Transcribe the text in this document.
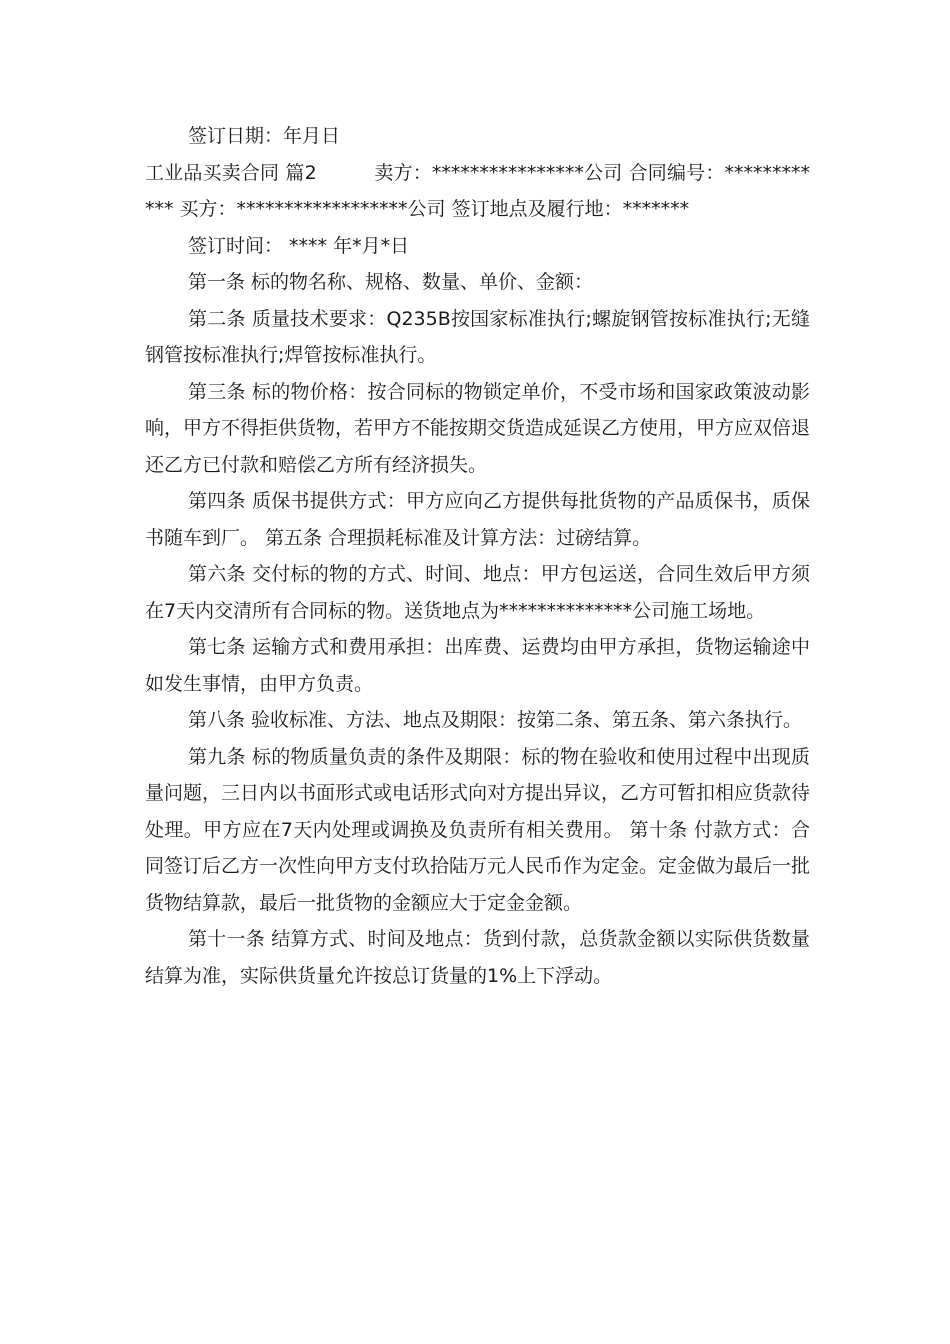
签订日期：年月日

工业品买卖合同 篇2　　　卖方：****************公司 合同编号：************ 买方：******************公司 签订地点及履行地：*******

签订时间： **** 年*月*日

第一条 标的物名称、规格、数量、单价、金额：

第二条 质量技术要求：Q235B按国家标准执行;螺旋钢管按标准执行;无缝钢管按标准执行;焊管按标准执行。

第三条 标的物价格：按合同标的物锁定单价，不受市场和国家政策波动影响，甲方不得拒供货物，若甲方不能按期交货造成延误乙方使用，甲方应双倍退还乙方已付款和赔偿乙方所有经济损失。

第四条 质保书提供方式：甲方应向乙方提供每批货物的产品质保书，质保书随车到厂。 第五条 合理损耗标准及计算方法：过磅结算。

第六条 交付标的物的方式、时间、地点：甲方包运送，合同生效后甲方须在7天内交清所有合同标的物。送货地点为**************公司施工场地。

第七条 运输方式和费用承担：出库费、运费均由甲方承担，货物运输途中如发生事情，由甲方负责。

第八条 验收标准、方法、地点及期限：按第二条、第五条、第六条执行。

第九条 标的物质量负责的条件及期限：标的物在验收和使用过程中出现质量问题，三日内以书面形式或电话形式向对方提出异议，乙方可暂扣相应货款待处理。甲方应在7天内处理或调换及负责所有相关费用。 第十条 付款方式：合同签订后乙方一次性向甲方支付玖拾陆万元人民币作为定金。定金做为最后一批货物结算款，最后一批货物的金额应大于定金金额。

第十一条 结算方式、时间及地点：货到付款，总货款金额以实际供货数量结算为准，实际供货量允许按总订货量的1%上下浮动。
